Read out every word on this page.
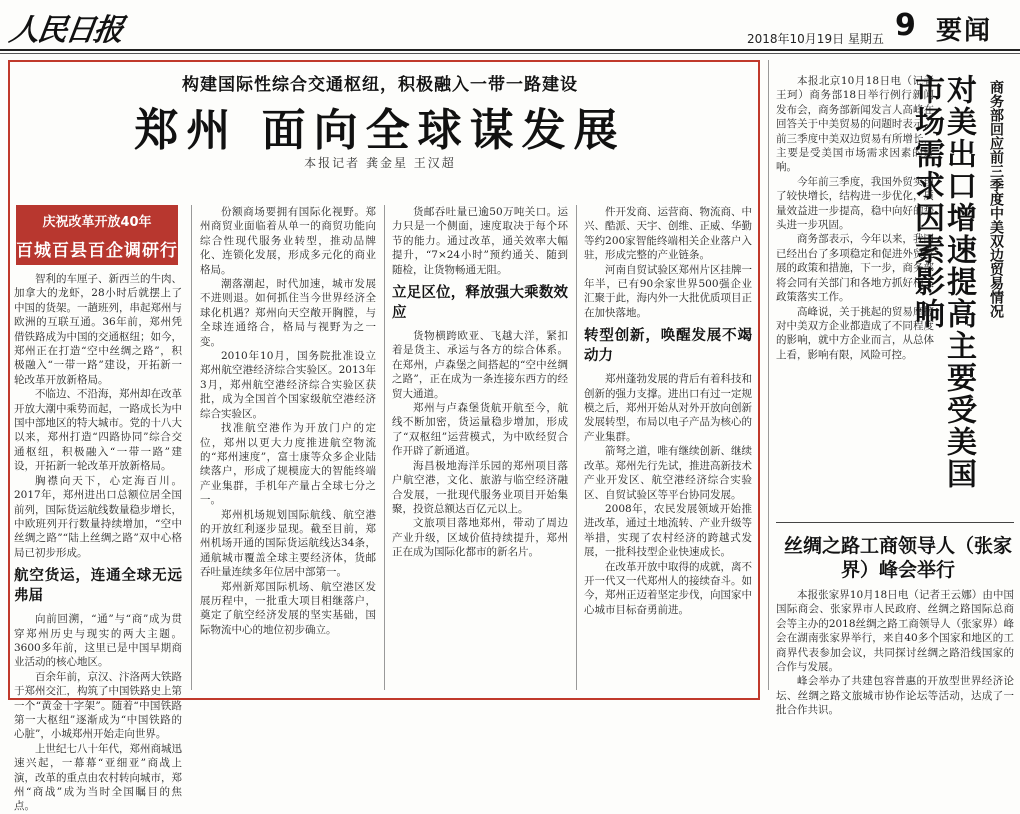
人民日报	2018年10月19日 星期五 9 要闻
构建国际性综合交通枢纽，积极融入一带一路建设
郑州 面向全球谋发展
本报记者 龚金星 王汉超
庆祝改革开放40年
百城百县百企调研行

智利的车厘子、新西兰的牛肉、加拿大的龙虾，28小时后就摆上了中国的货架。一趟班列，串起郑州与欧洲的互联互通。36年前，郑州凭借铁路成为中国的交通枢纽；如今，郑州正在打造“空中丝绸之路”，积极融入“一带一路”建设，开拓新一轮改革开放新格局。

不临边、不沿海，郑州却在改革开放大潮中乘势而起，一路成长为中国中部地区的特大城市。党的十八大以来，郑州打造“四路协同”综合交通枢纽，积极融入“一带一路”建设，开拓新一轮改革开放新格局。

胸襟向天下，心定海百川。2017年，郑州进出口总额位居全国前列，国际货运航线数量稳步增长，中欧班列开行数量持续增加，“空中丝绸之路”“陆上丝绸之路”双中心格局已初步形成。

航空货运，连通全球无远弗届

向前回溯，“通”与“商”成为贯穿郑州历史与现实的两大主题。3600多年前，这里已是中国早期商业活动的核心地区。

百余年前，京汉、汴洛两大铁路于郑州交汇，构筑了中国铁路史上第一个“黄金十字架”。随着“中国铁路第一大枢纽”逐渐成为“中国铁路的心脏”，小城郑州开始走向世界。

上世纪七八十年代，郑州商城迅速兴起，一幕幕“亚细亚”商战上演，改革的重点由农村转向城市，郑州“商战”成为当时全国瞩目的焦点。

份额商场要拥有国际化视野。郑州商贸业面临着从单一的商贸功能向综合性现代服务业转型，推动品牌化、连锁化发展，形成多元化的商业格局。

潮落潮起，时代加速，城市发展不进则退。如何抓住当今世界经济全球化机遇？郑州向天空敞开胸膛，与全球连通络合，格局与视野为之一变。

2010年10月，国务院批准设立郑州航空港经济综合实验区。2013年3月，郑州航空港经济综合实验区获批，成为全国首个国家级航空港经济综合实验区。

找准航空港作为开放门户的定位，郑州以更大力度推进航空物流的“郑州速度”，富士康等众多企业陆续落户，形成了规模庞大的智能终端产业集群，手机年产量占全球七分之一。

郑州机场规划国际航线、航空港的开放红利逐步显现。截至目前，郑州机场开通的国际货运航线达34条，通航城市覆盖全球主要经济体，货邮吞吐量连续多年位居中部第一。

郑州新郑国际机场、航空港区发展历程中，一批重大项目相继落户，奠定了航空经济发展的坚实基础，国际物流中心的地位初步确立。

货邮吞吐量已逾50万吨关口。运力只是一个侧面，速度取决于每个环节的能力。通过改革，通关效率大幅提升，“7×24小时”预约通关、随到随检，让货物畅通无阻。

立足区位，释放强大乘数效应

货物横跨欧亚、飞越大洋，紧扣着是货主、承运与各方的综合体系。在郑州，卢森堡之间搭起的“空中丝绸之路”，正在成为一条连接东西方的经贸大通道。

郑州与卢森堡货航开航至今，航线不断加密，货运量稳步增加，形成了“双枢纽”运营模式，为中欧经贸合作开辟了新通道。

海昌极地海洋乐园的郑州项目落户航空港，文化、旅游与临空经济融合发展，一批现代服务业项目开始集聚，投资总额达百亿元以上。

文旅项目落地郑州，带动了周边产业升级，区域价值持续提升，郑州正在成为国际化都市的新名片。

件开发商、运营商、物流商、中兴、酷派、天宇、创维、正威、华勤等约200家智能终端相关企业落户入驻，形成完整的产业链条。

河南自贸试验区郑州片区挂牌一年半，已有90余家世界500强企业汇聚于此，海内外一大批优质项目正在加快落地。

转型创新，唤醒发展不竭动力

郑州蓬勃发展的背后有着科技和创新的强力支撑。进出口有过一定规模之后，郑州开始从对外开放向创新发展转型，布局以电子产品为核心的产业集群。

箭弩之道，唯有继续创新、继续改革。郑州先行先试，推进高新技术产业开发区、航空港经济综合实验区、自贸试验区等平台协同发展。

2008年，农民发展领域开始推进改革，通过土地流转、产业升级等举措，实现了农村经济的跨越式发展，一批科技型企业快速成长。

在改革开放中取得的成就，离不开一代又一代郑州人的接续奋斗。如今，郑州正迈着坚定步伐，向国家中心城市目标奋勇前进。

本报北京10月18日电（记者王珂）商务部18日举行例行新闻发布会，商务部新闻发言人高峰在回答关于中美贸易的问题时表示，前三季度中美双边贸易有所增长，主要是受美国市场需求因素的影响。

今年前三季度，我国外贸实现了较快增长，结构进一步优化，质量效益进一步提高，稳中向好的势头进一步巩固。

商务部表示，今年以来，我国已经出台了多项稳定和促进外贸发展的政策和措施，下一步，商务部将会同有关部门和各地方抓好相关政策落实工作。

高峰说，关于挑起的贸易摩擦对中美双方企业都造成了不同程度的影响，就中方企业而言，从总体上看，影响有限，风险可控。 对美出口增速提高主要受美国市场需求因素影响	商务部回应前三季度中美双边贸易情况
丝绸之路工商领导人（张家界）峰会举行

本报张家界10月18日电（记者王云娜）由中国国际商会、张家界市人民政府、丝绸之路国际总商会等主办的2018丝绸之路工商领导人（张家界）峰会在湖南张家界举行，来自40多个国家和地区的工商界代表参加会议，共同探讨丝绸之路沿线国家的合作与发展。

峰会举办了共建包容普惠的开放型世界经济论坛、丝绸之路文旅城市协作论坛等活动，达成了一批合作共识。
